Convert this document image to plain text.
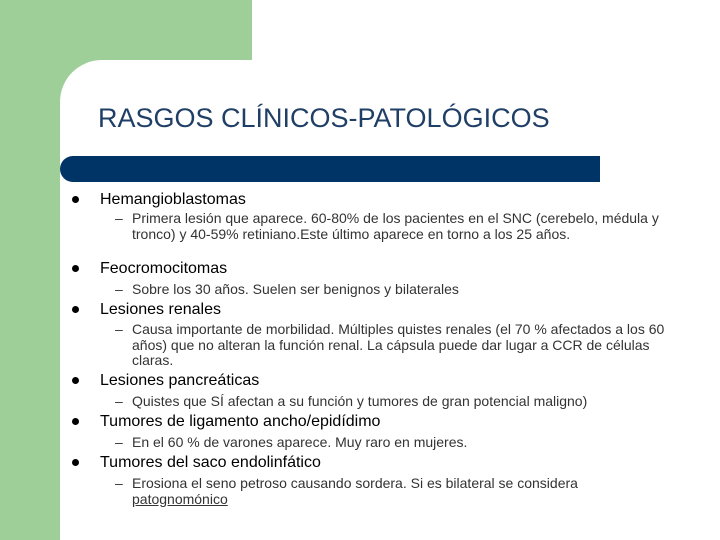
RASGOS CLÍNICOS-PATOLÓGICOS
Hemangioblastomas
– Primera lesión que aparece. 60-80% de los pacientes en el SNC (cerebelo, médula y tronco) y 40-59% retiniano.Este último aparece en torno a los 25 años.
Feocromocitomas
– Sobre los 30 años. Suelen ser benignos y bilaterales
Lesiones renales
– Causa importante de morbilidad. Múltiples quistes renales (el 70 % afectados a los 60 años) que no alteran la función renal. La cápsula puede dar lugar a CCR de células claras.
Lesiones pancreáticas
– Quistes que SÍ afectan a su función y tumores de gran potencial maligno)
Tumores de ligamento ancho/epidídimo
– En el 60 % de varones aparece. Muy raro en mujeres.
Tumores del saco endolinfático
– Erosiona el seno petroso causando sordera. Si es bilateral se considera
patognomónico
